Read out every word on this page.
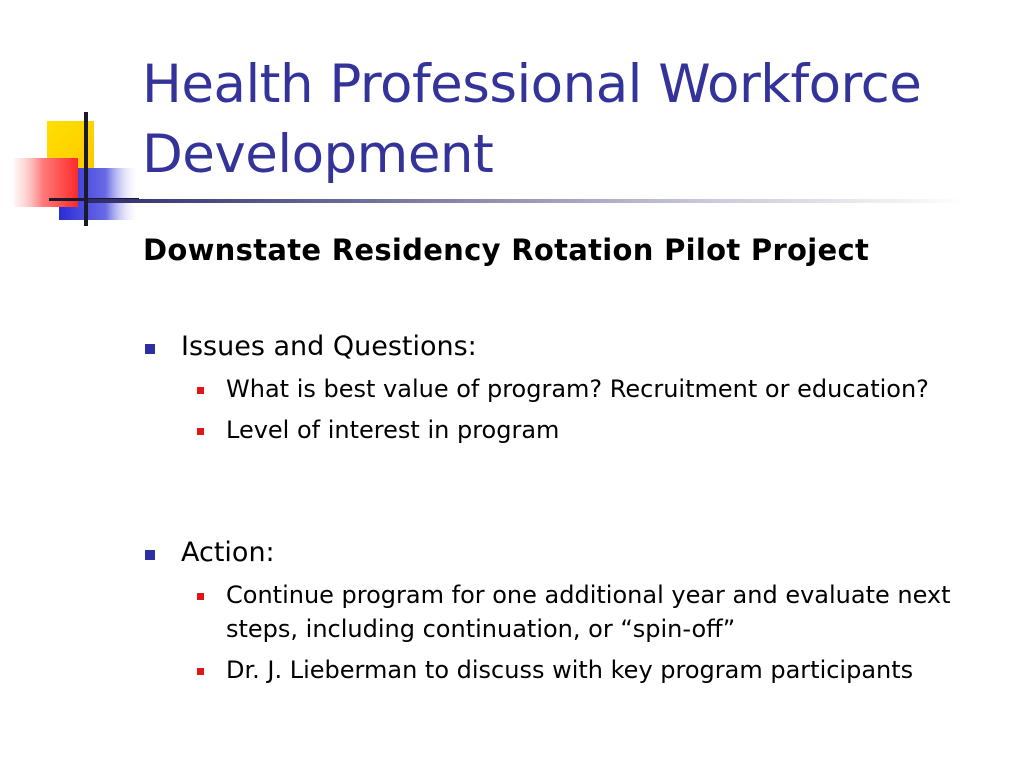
Health Professional Workforce Development
Downstate Residency Rotation Pilot Project
Issues and Questions:
What is best value of program? Recruitment or education?
Level of interest in program
Action:
Continue program for one additional year and evaluate next steps, including continuation, or “spin-off”
Dr. J. Lieberman to discuss with key program participants
